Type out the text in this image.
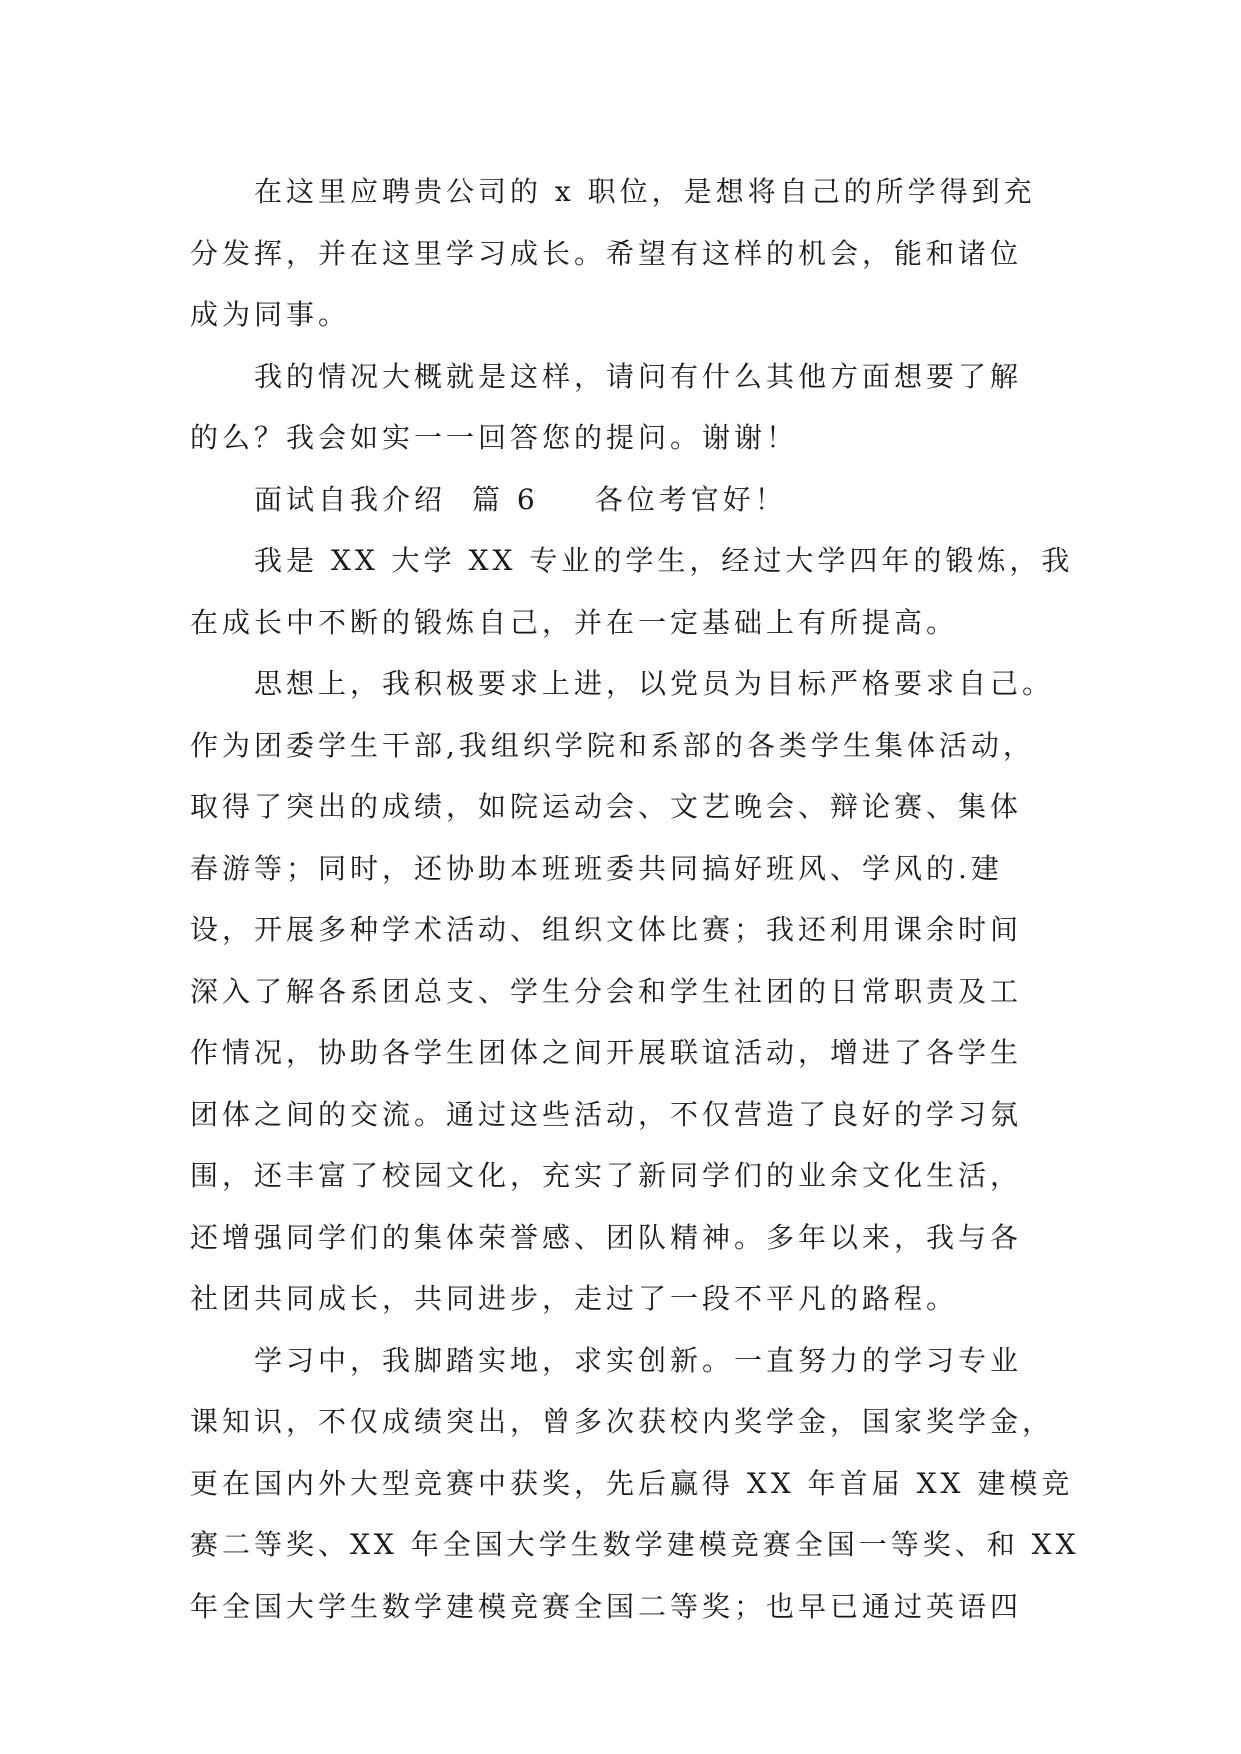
在这里应聘贵公司的 x 职位，是想将自己的所学得到充
分发挥，并在这里学习成长。希望有这样的机会，能和诸位
成为同事。
我的情况大概就是这样，请问有什么其他方面想要了解
的么？我会如实一一回答您的提问。谢谢！
面试自我介绍 篇 6 各位考官好！
我是 XX 大学 XX 专业的学生，经过大学四年的锻炼，我
在成长中不断的锻炼自己，并在一定基础上有所提高。
思想上，我积极要求上进，以党员为目标严格要求自己。
作为团委学生干部,我组织学院和系部的各类学生集体活动，
取得了突出的成绩，如院运动会、文艺晚会、辩论赛、集体
春游等；同时，还协助本班班委共同搞好班风、学风的.建
设，开展多种学术活动、组织文体比赛；我还利用课余时间
深入了解各系团总支、学生分会和学生社团的日常职责及工
作情况，协助各学生团体之间开展联谊活动，增进了各学生
团体之间的交流。通过这些活动，不仅营造了良好的学习氛
围，还丰富了校园文化，充实了新同学们的业余文化生活，
还增强同学们的集体荣誉感、团队精神。多年以来，我与各
社团共同成长，共同进步，走过了一段不平凡的路程。
学习中，我脚踏实地，求实创新。一直努力的学习专业
课知识，不仅成绩突出，曾多次获校内奖学金，国家奖学金，
更在国内外大型竞赛中获奖，先后赢得 XX 年首届 XX 建模竞
赛二等奖、XX 年全国大学生数学建模竞赛全国一等奖、和 XX
年全国大学生数学建模竞赛全国二等奖；也早已通过英语四
